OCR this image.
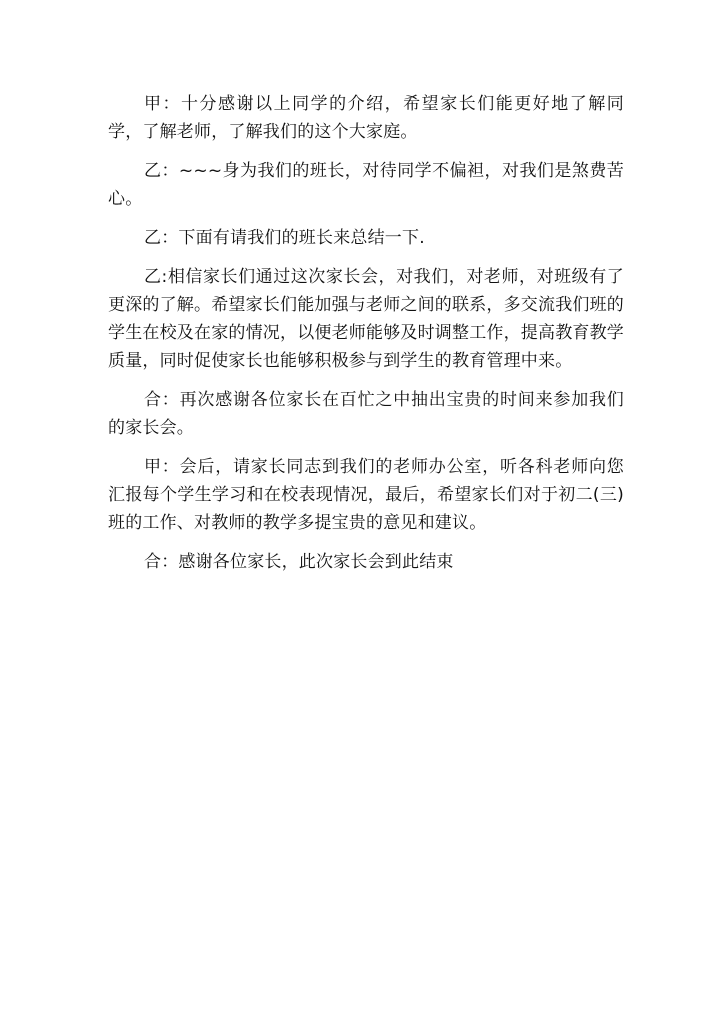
甲：十分感谢以上同学的介绍，希望家长们能更好地了解同学，了解老师，了解我们的这个大家庭。

乙：~~~身为我们的班长，对待同学不偏袒，对我们是煞费苦心。

乙：下面有请我们的班长来总结一下.

乙:相信家长们通过这次家长会，对我们，对老师，对班级有了更深的了解。希望家长们能加强与老师之间的联系，多交流我们班的学生在校及在家的情况，以便老师能够及时调整工作，提高教育教学质量，同时促使家长也能够积极参与到学生的教育管理中来。

合：再次感谢各位家长在百忙之中抽出宝贵的时间来参加我们的家长会。

甲：会后，请家长同志到我们的老师办公室，听各科老师向您汇报每个学生学习和在校表现情况，最后，希望家长们对于初二(三)班的工作、对教师的教学多提宝贵的意见和建议。

合：感谢各位家长，此次家长会到此结束
